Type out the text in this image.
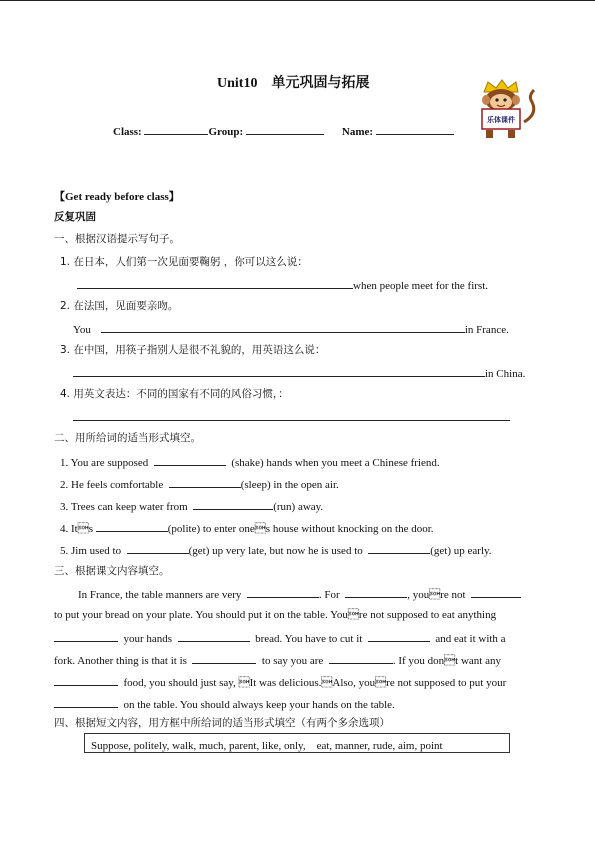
Unit10　单元巩固与拓展
乐体课件
Class:	Group:	Name:
【Get ready before class】
反复巩固
一、根据汉语提示写句子。
1. 在日本，人们第一次见面要鞠躬 ，你可以这么说：
when people meet for the first.
2. 在法国，见面要亲吻。
You	in France.
3. 在中国，用筷子指别人是很不礼貌的，用英语这么说：
in China.
4. 用英文表达：不同的国家有不同的风俗习惯，：
二、用所给词的适当形式填空。
1. You are supposed	(shake) hands when you meet a Chinese friend.
2. He feels comfortable	(sleep) in the open air.
3. Trees can keep water from	(run) away.
4. Its	(polite) to enter ones house without knocking on the door.
5. Jim used to	(get) up very late, but now he is used to	(get) up early.
三、根据课文内容填空。
In France, the table manners are very	. For	, youre not
to put your bread on your plate. You should put it on the table. Youre not supposed to eat anything
your hands	bread. You have to cut it	and eat it with a
fork. Another thing is that it is	to say you are	. If you dont want any
food, you should just say, It was delicious.Also, youre not supposed to put your
on the table. You should always keep your hands on the table.
四、根据短文内容，用方框中所给词的适当形式填空（有两个多余选项）
Suppose, politely, walk, much, parent, like, only,　eat, manner, rude, aim, point
